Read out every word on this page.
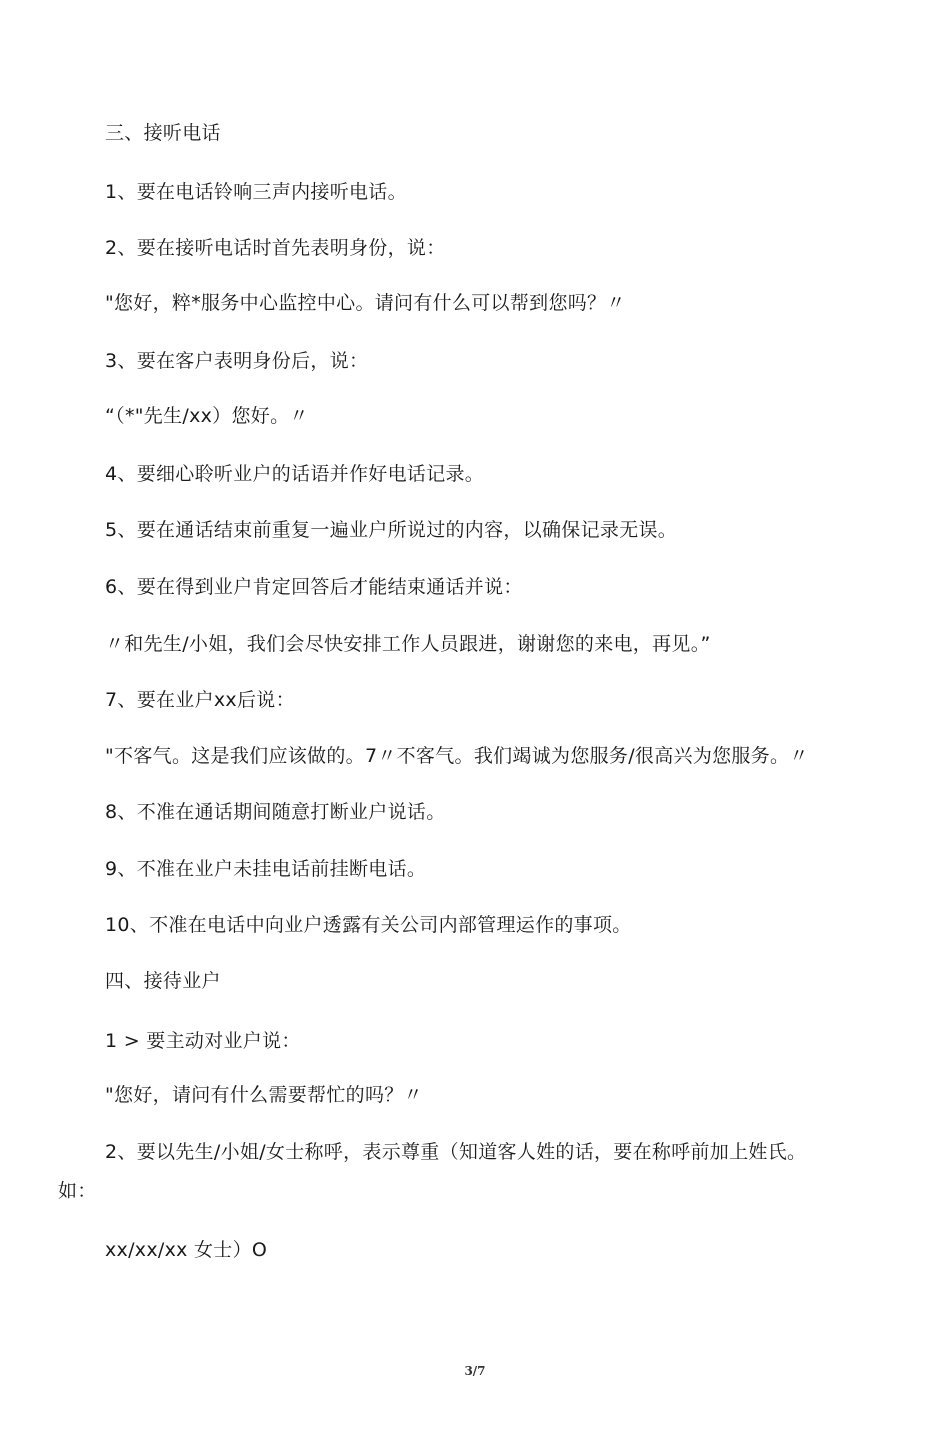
三、接听电话
1、要在电话铃响三声内接听电话。
2、要在接听电话时首先表明身份，说：
"您好，粹*服务中心监控中心。请问有什么可以帮到您吗？〃
3、要在客户表明身份后，说：
“（*"先生/xx）您好。〃
4、要细心聆听业户的话语并作好电话记录。
5、要在通话结束前重复一遍业户所说过的内容，以确保记录无误。
6、要在得到业户肯定回答后才能结束通话并说：
〃和先生/小姐，我们会尽快安排工作人员跟进，谢谢您的来电，再见。”
7、要在业户xx后说：
"不客气。这是我们应该做的。7〃不客气。我们竭诚为您服务/很高兴为您服务。〃
8、不准在通话期间随意打断业户说话。
9、不准在业户未挂电话前挂断电话。
10、不准在电话中向业户透露有关公司内部管理运作的事项。
四、接待业户
1 > 要主动对业户说：
"您好，请问有什么需要帮忙的吗？〃
2、要以先生/小姐/女士称呼，表示尊重（知道客人姓的话，要在称呼前加上姓氏。
如：
xx/xx/xx 女士）O
3/7
